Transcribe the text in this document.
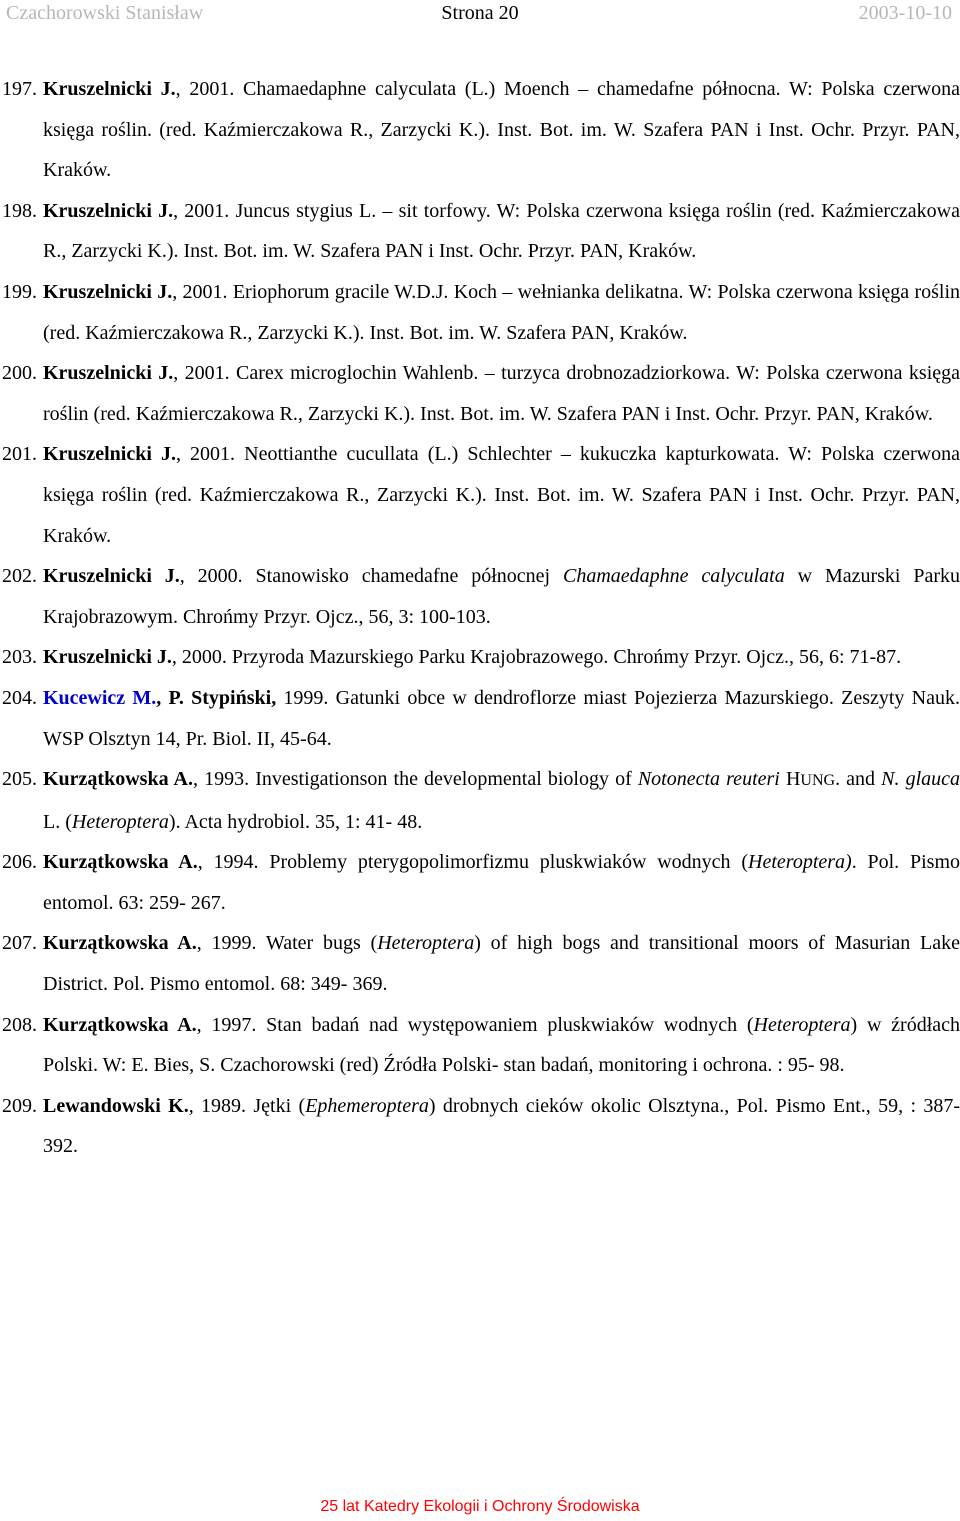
Czachorowski Stanisław	Strona 20	2003-10-10
197. Kruszelnicki J., 2001. Chamaedaphne calyculata (L.) Moench – chamedafne północna. W: Polska czerwona księga roślin. (red. Kaźmierczakowa R., Zarzycki K.). Inst. Bot. im. W. Szafera PAN i Inst. Ochr. Przyr. PAN, Kraków.
198. Kruszelnicki J., 2001. Juncus stygius L. – sit torfowy. W: Polska czerwona księga roślin (red. Kaźmierczakowa R., Zarzycki K.). Inst. Bot. im. W. Szafera PAN i Inst. Ochr. Przyr. PAN, Kraków.
199. Kruszelnicki J., 2001. Eriophorum gracile W.D.J. Koch – wełnianka delikatna. W: Polska czerwona księga roślin (red. Kaźmierczakowa R., Zarzycki K.). Inst. Bot. im. W. Szafera PAN, Kraków.
200. Kruszelnicki J., 2001. Carex microglochin Wahlenb. – turzyca drobnozadziorkowa. W: Polska czerwona księga roślin (red. Kaźmierczakowa R., Zarzycki K.). Inst. Bot. im. W. Szafera PAN i Inst. Ochr. Przyr. PAN, Kraków.
201. Kruszelnicki J., 2001. Neottianthe cucullata (L.) Schlechter – kukuczka kapturkowata. W: Polska czerwona księga roślin (red. Kaźmierczakowa R., Zarzycki K.). Inst. Bot. im. W. Szafera PAN i Inst. Ochr. Przyr. PAN, Kraków.
202. Kruszelnicki J., 2000. Stanowisko chamedafne północnej Chamaedaphne calyculata w Mazurski Parku Krajobrazowym. Chrońmy Przyr. Ojcz., 56, 3: 100-103.
203. Kruszelnicki J., 2000. Przyroda Mazurskiego Parku Krajobrazowego. Chrońmy Przyr. Ojcz., 56, 6: 71-87.
204. Kucewicz M., P. Stypiński, 1999. Gatunki obce w dendroflorze miast Pojezierza Mazurskiego. Zeszyty Nauk. WSP Olsztyn 14, Pr. Biol. II, 45-64.
205. Kurzątkowska A., 1993. Investigationson the developmental biology of Notonecta reuteri HUNG. and N. glauca L. (Heteroptera). Acta hydrobiol. 35, 1: 41- 48.
206. Kurzątkowska A., 1994. Problemy pterygopolimorfizmu pluskwiaków wodnych (Heteroptera). Pol. Pismo entomol. 63: 259- 267.
207. Kurzątkowska A., 1999. Water bugs (Heteroptera) of high bogs and transitional moors of Masurian Lake District. Pol. Pismo entomol. 68: 349- 369.
208. Kurzątkowska A., 1997. Stan badań nad występowaniem pluskwiaków wodnych (Heteroptera) w źródłach Polski. W: E. Bies, S. Czachorowski (red) Źródła Polski- stan badań, monitoring i ochrona. : 95- 98.
209. Lewandowski K., 1989. Jętki (Ephemeroptera) drobnych cieków okolic Olsztyna., Pol. Pismo Ent., 59, : 387-392.
25 lat Katedry Ekologii i Ochrony Środowiska
